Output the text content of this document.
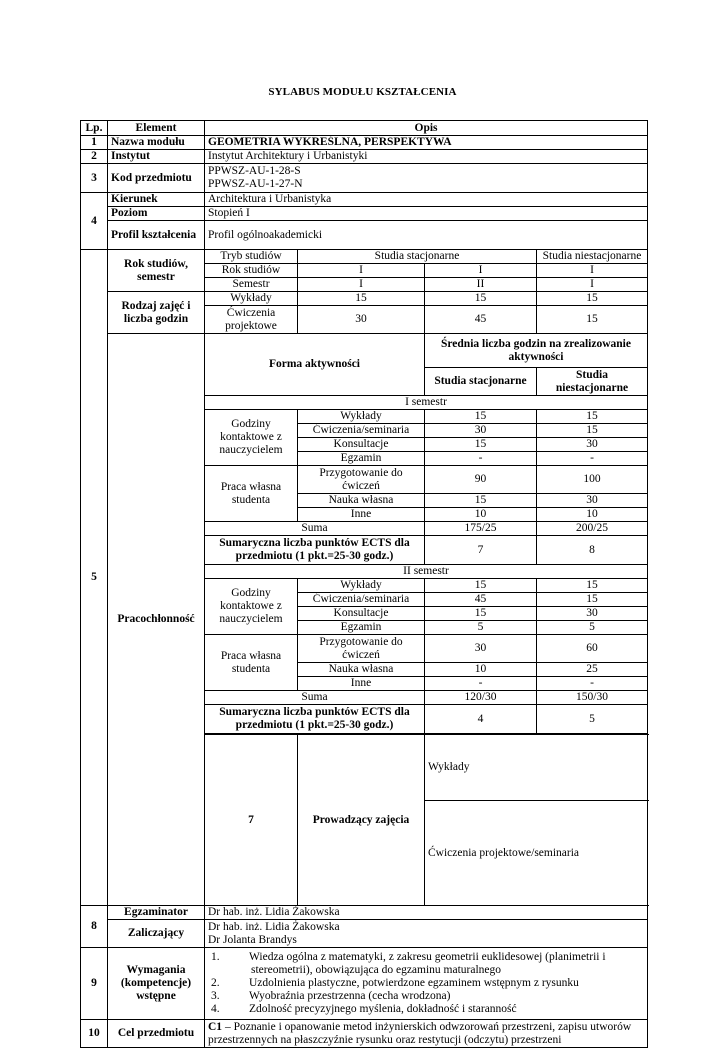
SYLABUS MODUŁU KSZTAŁCENIA
Lp.	Element	Opis				
1	Nazwa modułu	GEOMETRIA WYKREŚLNA, PERSPEKTYWA				
2	Instytut	Instytut Architektury i Urbanistyki				
3	Kod przedmiotu	PPWSZ-AU-1-28-S
PPWSZ-AU-1-27-N				

4	Kierunek	Architektura i Urbanistyka				
	Poziom	Stopień I				
	Profil kształcenia	Profil ogólnoakademicki				
5	Rok studiów, semestr	Tryb studiów	Studia stacjonarne		Studia niestacjonarne	
		Rok studiów	I	I	I	
		Semestr	I	II	I	
	Rodzaj zajęć i liczba godzin	Wykłady	15	15	15	
		Ćwiczenia projektowe	30	45	15	
	Pracochłonność	Forma aktywności		Średnia liczba godzin na zrealizowanie aktywności		
				Studia stacjonarne	Studia niestacjonarne	
		I semestr				
		Godziny kontaktowe z nauczycielem	Wykłady	15	15	
			Ćwiczenia/seminaria	30	15	
			Konsultacje	15	30	
			Egzamin	-	-	
		Praca własna studenta	Przygotowanie do ćwiczeń	90	100	
			Nauka własna	15	30	
			Inne	10	10	
		Suma		175/25	200/25	
		Sumaryczna liczba punktów ECTS dla przedmiotu (1 pkt.=25-30 godz.)		7	8	
		II semestr				
		Godziny kontaktowe z nauczycielem	Wykłady	15	15	
			Ćwiczenia/seminaria	45	15	
			Konsultacje	15	30	
			Egzamin	5	5	
		Praca własna studenta	Przygotowanie do ćwiczeń	30	60	
			Nauka własna	10	25	
			Inne	-	-	
		Suma		120/30	150/30	
		Sumaryczna liczba punktów ECTS dla przedmiotu (1 pkt.=25-30 godz.)		4	5	

		7	Prowadzący zajęcia	Wykłady	
				Ćwiczenia projektowe/seminaria	

8	Egzaminator	Dr hab. inż. Lidia Żakowska				
	Zaliczający	Dr hab. inż. Lidia Żakowska
Dr Jolanta Brandys				

9	Wymagania (kompetencje) wstępne	1. Wiedza ogólna z matematyki, z zakresu geometrii euklidesowej (planimetrii i stereometrii), obowiązująca do egzaminu maturalnego
2. Uzdolnienia plastyczne, potwierdzone egzaminem wstępnym z rysunku
3. Wyobraźnia przestrzenna (cecha wrodzona)
4. Zdolność precyzyjnego myślenia, dokładność i staranność				

10	Cel przedmiotu	C1 – Poznanie i opanowanie metod inżynierskich odwzorowań przestrzeni, zapisu utworów przestrzennych na płaszczyźnie rysunku oraz restytucji (odczytu) przestrzeni				
